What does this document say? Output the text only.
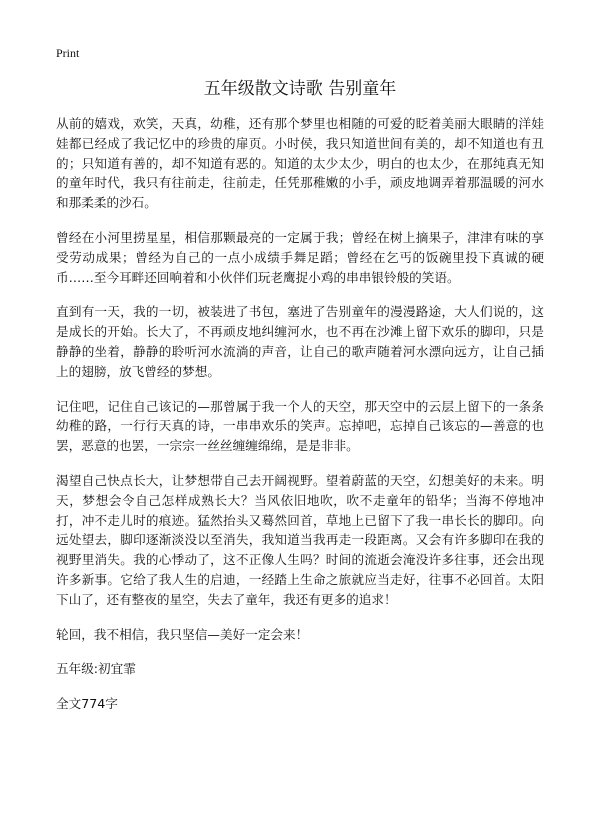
Print
五年级散文诗歌 告别童年

从前的嬉戏，欢笑，天真，幼稚，还有那个梦里也相随的可爱的眨着美丽大眼睛的洋娃娃都已经成了我记忆中的珍贵的扉页。小时侯，我只知道世间有美的，却不知道也有丑的；只知道有善的，却不知道有恶的。知道的太少太少，明白的也太少，在那纯真无知的童年时代，我只有往前走，往前走，任凭那稚嫩的小手，顽皮地调弄着那温暖的河水和那柔柔的沙石。

曾经在小河里捞星星，相信那颗最亮的一定属于我；曾经在树上摘果子，津津有味的享受劳动成果；曾经为自己的一点小成绩手舞足蹈；曾经在乞丐的饭碗里投下真诚的硬币……至今耳畔还回响着和小伙伴们玩老鹰捉小鸡的串串银铃般的笑语。

直到有一天，我的一切，被装进了书包，塞进了告别童年的漫漫路途，大人们说的，这是成长的开始。长大了，不再顽皮地纠缠河水，也不再在沙滩上留下欢乐的脚印，只是静静的坐着，静静的聆听河水流淌的声音，让自己的歌声随着河水漂向远方，让自己插上的翅膀，放飞曾经的梦想。

记住吧，记住自己该记的—那曾属于我一个人的天空，那天空中的云层上留下的一条条幼稚的路，一行行天真的诗，一串串欢乐的笑声。忘掉吧，忘掉自己该忘的—善意的也罢，恶意的也罢，一宗宗一丝丝缠缠绵绵，是是非非。

渴望自己快点长大，让梦想带自己去开阔视野。望着蔚蓝的天空，幻想美好的未来。明天，梦想会令自己怎样成熟长大？当风依旧地吹，吹不走童年的铅华；当海不停地冲打，冲不走儿时的痕迹。猛然抬头又蓦然回首，草地上已留下了我一串长长的脚印。向远处望去，脚印逐渐淡没以至消失，我知道当我再走一段距离。又会有许多脚印在我的视野里消失。我的心悸动了，这不正像人生吗？时间的流逝会淹没许多往事，还会出现许多新事。它给了我人生的启迪，一经踏上生命之旅就应当走好，往事不必回首。太阳下山了，还有整夜的星空，失去了童年，我还有更多的追求！

轮回，我不相信，我只坚信—美好一定会来！

五年级:初宜霏

全文774字
